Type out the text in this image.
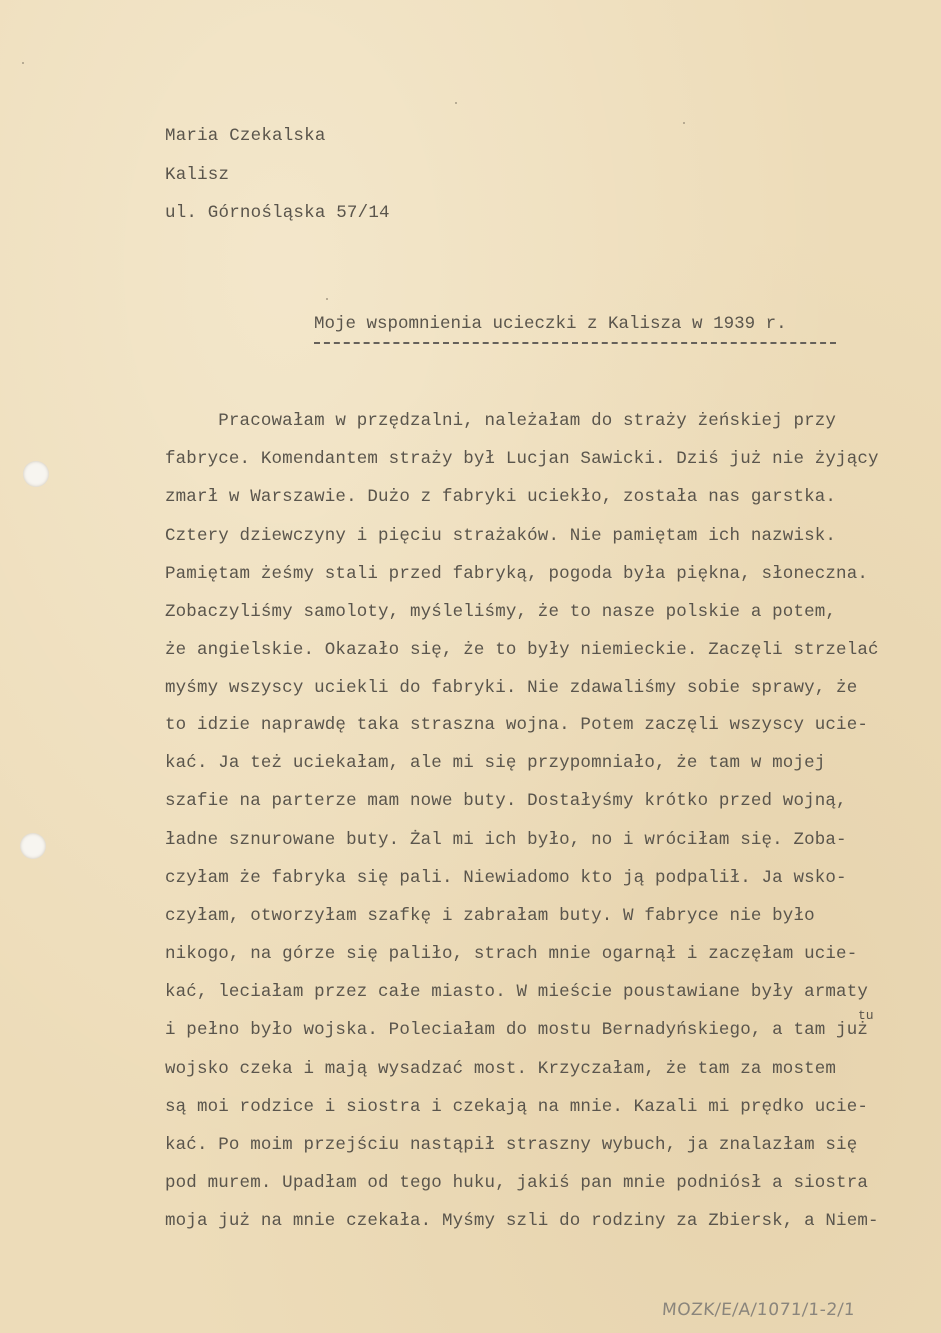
Maria Czekalska
Kalisz
ul. Górnośląska 57/14
Moje wspomnienia ucieczki z Kalisza w 1939 r.
Pracowałam w przędzalni, należałam do straży żeńskiej przy
fabryce. Komendantem straży był Lucjan Sawicki. Dziś już nie żyjący
zmarł w Warszawie. Dużo z fabryki uciekło, została nas garstka.
Cztery dziewczyny i pięciu strażaków. Nie pamiętam ich nazwisk.
Pamiętam żeśmy stali przed fabryką, pogoda była piękna, słoneczna.
Zobaczyliśmy samoloty, myśleliśmy, że to nasze polskie a potem,
że angielskie. Okazało się, że to były niemieckie. Zaczęli strzelać
myśmy wszyscy uciekli do fabryki. Nie zdawaliśmy sobie sprawy, że
to idzie naprawdę taka straszna wojna. Potem zaczęli wszyscy ucie-
kać. Ja też uciekałam, ale mi się przypomniało, że tam w mojej
szafie na parterze mam nowe buty. Dostałyśmy krótko przed wojną,
ładne sznurowane buty. Żal mi ich było, no i wróciłam się. Zoba-
czyłam że fabryka się pali. Niewiadomo kto ją podpalił. Ja wsko-
czyłam, otworzyłam szafkę i zabrałam buty. W fabryce nie było
nikogo, na górze się paliło, strach mnie ogarnął i zaczęłam ucie-
kać, leciałam przez całe miasto. W mieście poustawiane były armaty
i pełno było wojska. Poleciałam do mostu Bernadyńskiego, a tam już
wojsko czeka i mają wysadzać most. Krzyczałam, że tam za mostem
są moi rodzice i siostra i czekają na mnie. Kazali mi prędko ucie-
kać. Po moim przejściu nastąpił straszny wybuch, ja znalazłam się
pod murem. Upadłam od tego huku, jakiś pan mnie podniósł a siostra
moja już na mnie czekała. Myśmy szli do rodziny za Zbiersk, a Niem-
tu
MOZK/E/A/1071/1-2/1
